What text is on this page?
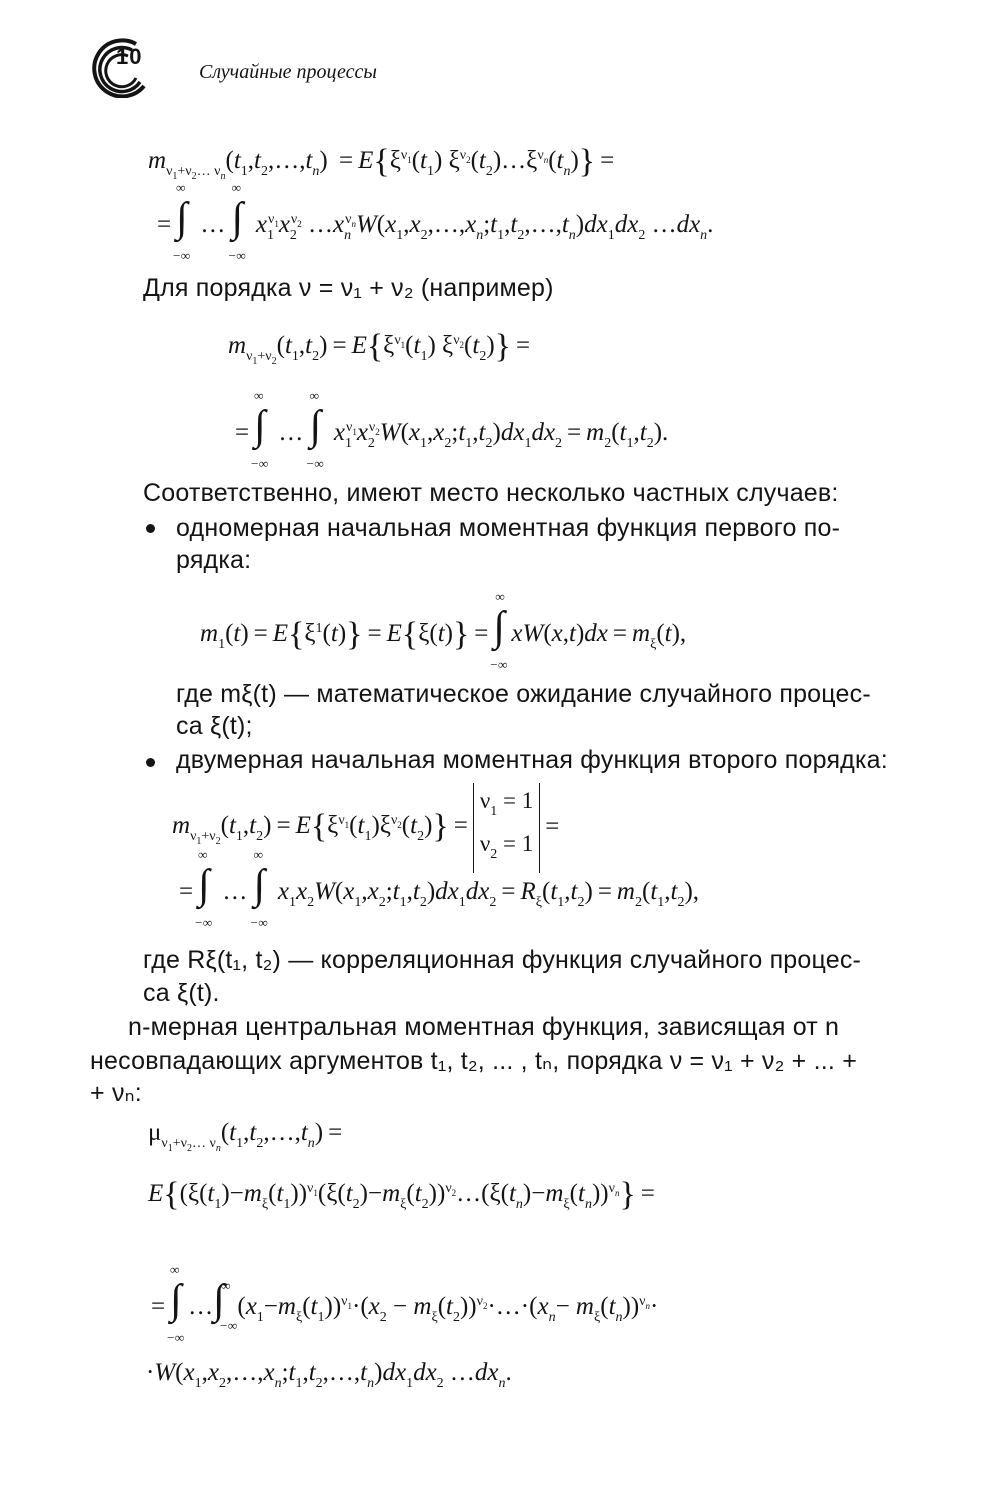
10
Случайные процессы
$m_{\nu_1+\nu_2\dots \nu_n}(t_1,t_2,\dots,t_n) = E\{\xi^{\nu_1}(t_1)$ $\xi^{\nu_2}(t_2)\dots\xi^{\nu_n}(t_n)$} =
=
∫ ∞
−∞
…
∫ ∞
−∞
$x_1^{\nu_1}x_2^{\nu_2}$ $\dots x_n^{\nu_n}W(x_1,x_2,\dots,x_n;t_1,t_2,\dots,t_n)dx_1dx_2$ $\dots dx_n$.
Для порядка ν = ν₁ + ν₂ (например)
$m_{\nu_1+\nu_2}(t_1,t_2) = E\{\xi^{\nu_1}(t_1) \xi^{\nu_2}(t_2)\}$ =
=
∫ ∞
−∞
…
∫ ∞
−∞
$x_1^{\nu_1}x_2^{\nu_2}W(x_1,x_2;t_1,t_2)dx_1dx_2 = m_2(t_1,t_2)$.
Соответственно, имеют место несколько частных случаев:
одномерная начальная моментная функция первого по-
рядка:
$m_1(t) = E\{\xi^1(t)\} = E\{\xi(t)\}$ =
∫ ∞
−∞
$xW(x,t)dx = m_\xi(t)$,
где mξ(t) — математическое ожидание случайного процес-
са ξ(t);
двумерная начальная моментная функция второго порядка:
$m_{\nu_1+\nu_2}(t_1,t_2) = E\{\xi^{\nu_1}(t_1)\xi^{\nu_2}(t_2)\} =\nu_1 = 1$
$\nu_2 = 1=$
=
∫ ∞
−∞
…
∫ ∞
−∞
$x_1x_2W(x_1,x_2;t_1,t_2)dx_1dx_2 = R_\xi(t_1,t_2) = m_2(t_1,t_2)$,
где Rξ(t₁, t₂) — корреляционная функция случайного процес-
са ξ(t).
n-мерная центральная моментная функция, зависящая от n
несовпадающих аргументов t₁, t₂, ... , tₙ, порядка ν = ν₁ + ν₂ + ... +
+ νₙ:
$\mu_{\nu_1+\nu_2\dots \nu_n}(t_1,t_2,\dots,t_n)$ =
$E\{(\xi(t_1)-m_\xi(t_1))^{\nu_1}(\xi(t_2)-m_\xi(t_2))^{\nu_2}\dots(\xi(t_n)-m_\xi(t_n))^{\nu_n}\}$ =
=
∫ ∞
−∞
…
∫ ∞
−∞
$(x_1-m_\xi(t_1))^{\nu_1}\cdot(x_2$ − $m_\xi(t_2))^{\nu_2}\cdot\dots\cdot(x_n- m_\xi(t_n))^{\nu_n}\cdot$
$\cdot W(x_1,x_2,\dots,x_n;t_1,t_2,\dots,t_n)dx_1dx_2$ $\dots dx_n$.
